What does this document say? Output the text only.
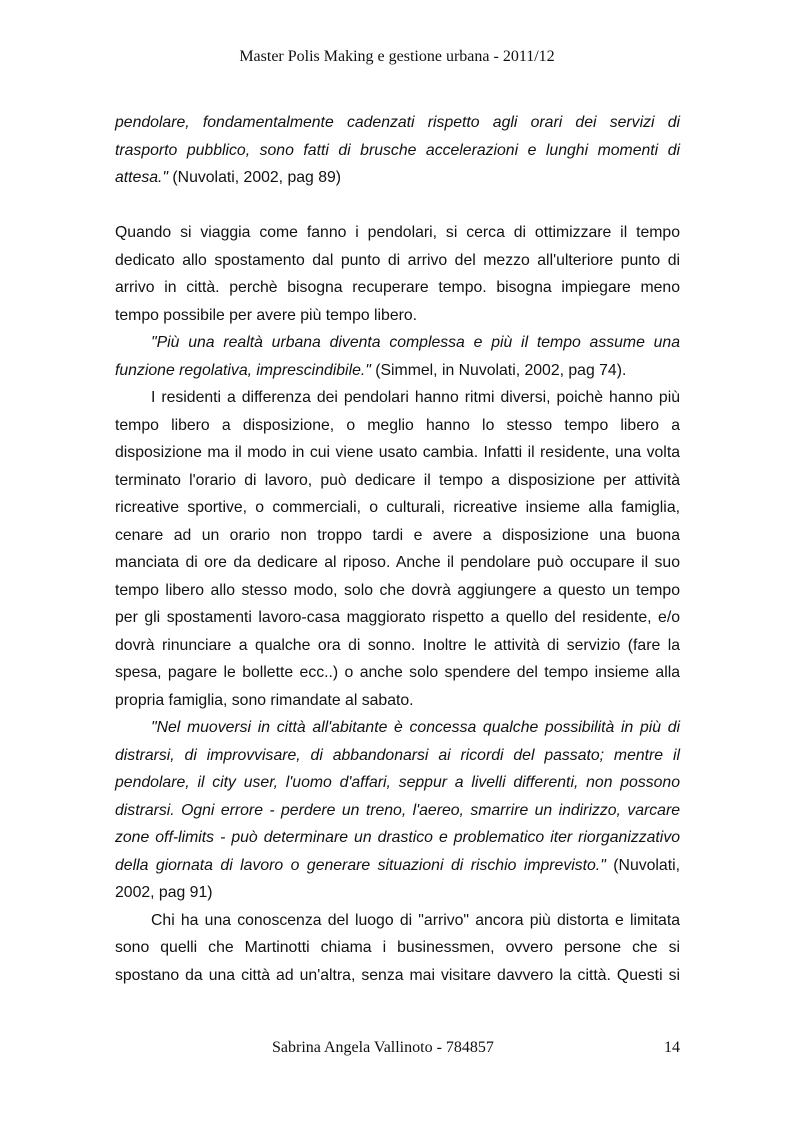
Master Polis Making e gestione urbana - 2011/12
pendolare, fondamentalmente cadenzati rispetto agli orari dei servizi di
trasporto pubblico, sono fatti di brusche accelerazioni e lunghi momenti di
attesa." (Nuvolati, 2002, pag 89)
Quando si viaggia come fanno i pendolari, si cerca di ottimizzare il tempo
dedicato allo spostamento dal punto di arrivo del mezzo all'ulteriore punto di
arrivo in città. perchè bisogna recuperare tempo. bisogna impiegare meno
tempo possibile per avere più tempo libero.
"Più una realtà urbana diventa complessa e più il tempo assume una
funzione regolativa, imprescindibile." (Simmel, in Nuvolati, 2002, pag 74).
I residenti a differenza dei pendolari hanno ritmi diversi, poichè hanno più
tempo libero a disposizione, o meglio hanno lo stesso tempo libero a
disposizione ma il modo in cui viene usato cambia. Infatti il residente, una volta
terminato l'orario di lavoro, può dedicare il tempo a disposizione per attività
ricreative sportive, o commerciali, o culturali, ricreative insieme alla famiglia,
cenare ad un orario non troppo tardi e avere a disposizione una buona
manciata di ore da dedicare al riposo. Anche il pendolare può occupare il suo
tempo libero allo stesso modo, solo che dovrà aggiungere a questo un tempo
per gli spostamenti lavoro-casa maggiorato rispetto a quello del residente, e/o
dovrà rinunciare a qualche ora di sonno. Inoltre le attività di servizio (fare la
spesa, pagare le bollette ecc..) o anche solo spendere del tempo insieme alla
propria famiglia, sono rimandate al sabato.
"Nel muoversi in città all'abitante è concessa qualche possibilità in più di
distrarsi, di improvvisare, di abbandonarsi ai ricordi del passato; mentre il
pendolare, il city user, l'uomo d'affari, seppur a livelli differenti, non possono
distrarsi. Ogni errore - perdere un treno, l'aereo, smarrire un indirizzo, varcare
zone off-limits - può determinare un drastico e problematico iter riorganizzativo
della giornata di lavoro o generare situazioni di rischio imprevisto." (Nuvolati,
2002, pag 91)
Chi ha una conoscenza del luogo di "arrivo" ancora più distorta e limitata
sono quelli che Martinotti chiama i businessmen, ovvero persone che si
spostano da una città ad un'altra, senza mai visitare davvero la città. Questi si
Sabrina Angela Vallinoto - 784857	14
